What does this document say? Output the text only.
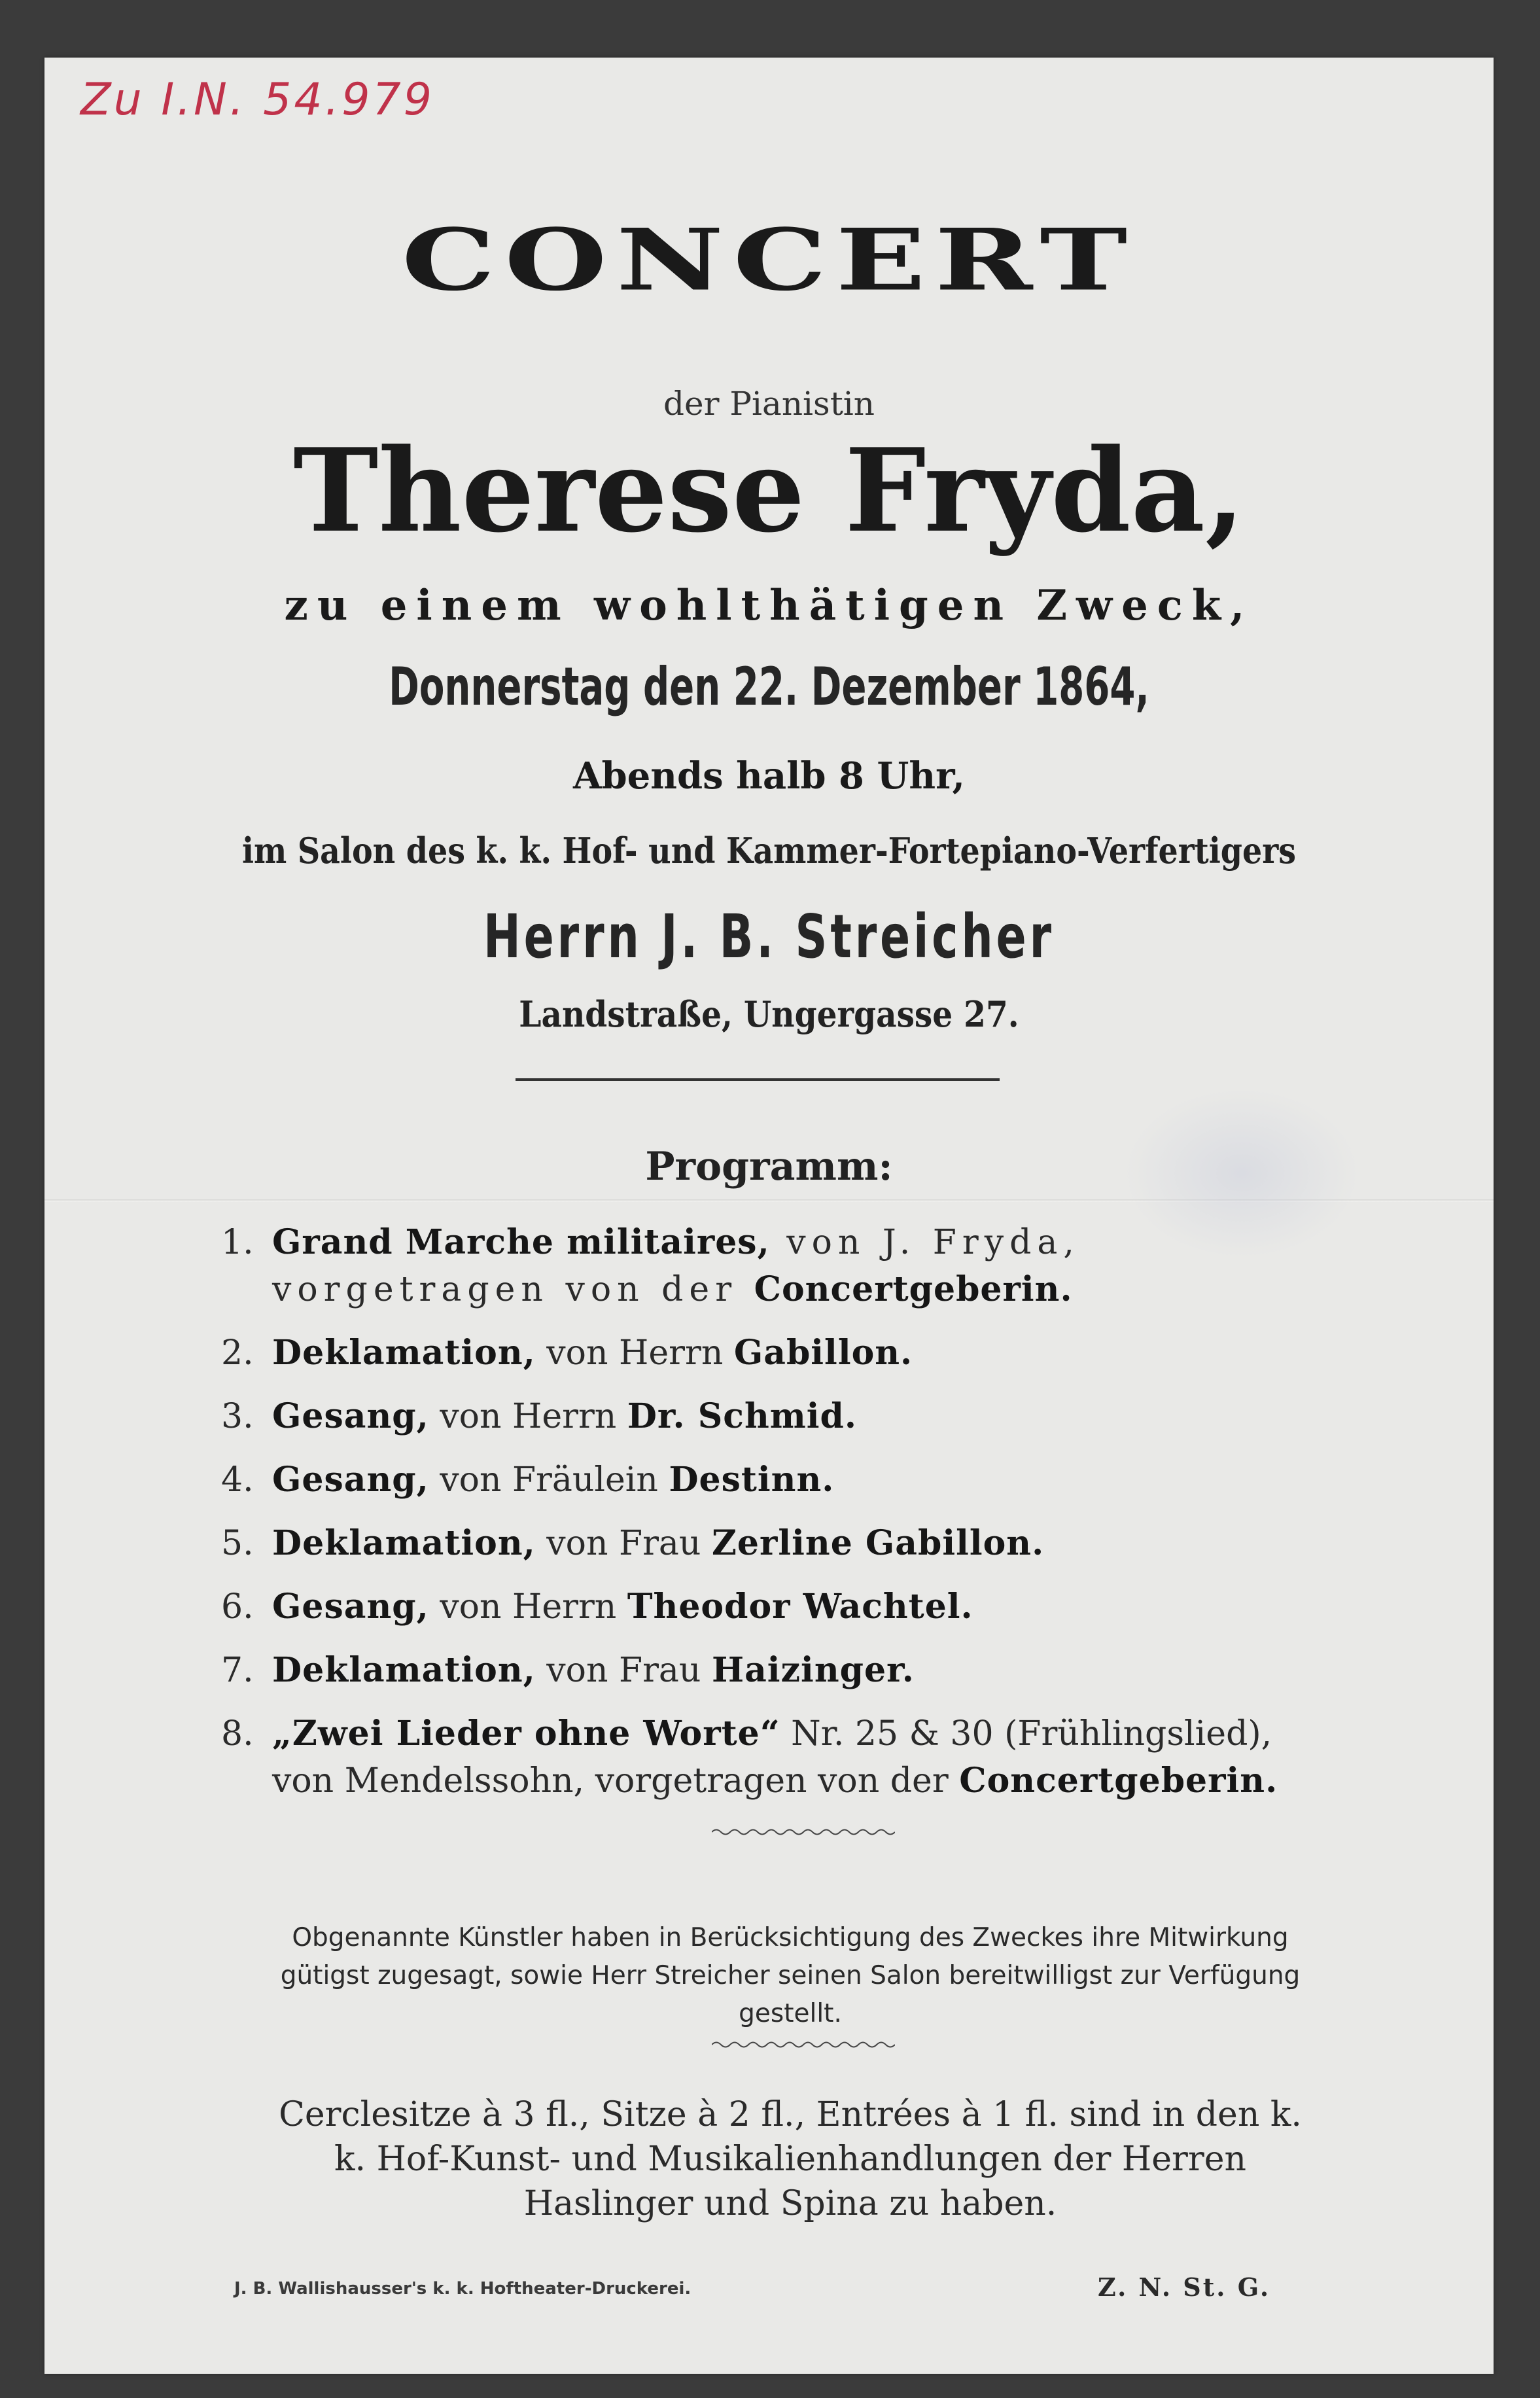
Zu I.N. 54.979
CONCERT
der Pianistin
Therese Fryda,
zu einem wohlthätigen Zweck,
Donnerstag den 22. Dezember 1864,
Abends halb 8 Uhr,
im Salon des k. k. Hof- und Kammer-Fortepiano-Verfertigers
Herrn J. B. Streicher
Landstraße, Ungergasse 27.
Programm:
1. Grand Marche militaires, von J. Fryda, vorgetragen von der Concertgeberin.
2. Deklamation, von Herrn Gabillon.
3. Gesang, von Herrn Dr. Schmid.
4. Gesang, von Fräulein Destinn.
5. Deklamation, von Frau Zerline Gabillon.
6. Gesang, von Herrn Theodor Wachtel.
7. Deklamation, von Frau Haizinger.
8. „Zwei Lieder ohne Worte“ Nr. 25 & 30 (Frühlingslied), von Mendelssohn, vorgetragen von der Concertgeberin.
Obgenannte Künstler haben in Berücksichtigung des Zweckes ihre Mitwirkung gütigst zugesagt, sowie Herr Streicher seinen Salon bereitwilligst zur Verfügung gestellt.
Cerclesitze à 3 fl., Sitze à 2 fl., Entrées à 1 fl. sind in den k. k. Hof-Kunst- und Musikalienhandlungen der Herren Haslinger und Spina zu haben.
J. B. Wallishausser's k. k. Hoftheater-Druckerei.	Z. N. St. G.
